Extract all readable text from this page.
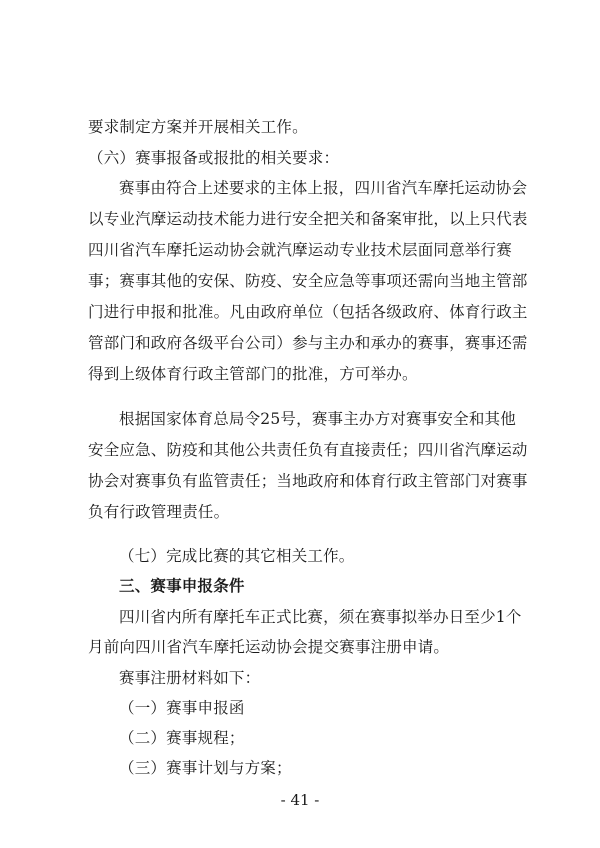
要求制定方案并开展相关工作。
（六）赛事报备或报批的相关要求：
赛事由符合上述要求的主体上报，四川省汽车摩托运动协会
以专业汽摩运动技术能力进行安全把关和备案审批，以上只代表
四川省汽车摩托运动协会就汽摩运动专业技术层面同意举行赛
事；赛事其他的安保、防疫、安全应急等事项还需向当地主管部
门进行申报和批准。凡由政府单位（包括各级政府、体育行政主
管部门和政府各级平台公司）参与主办和承办的赛事，赛事还需
得到上级体育行政主管部门的批准，方可举办。
根据国家体育总局令25号，赛事主办方对赛事安全和其他
安全应急、防疫和其他公共责任负有直接责任；四川省汽摩运动
协会对赛事负有监管责任；当地政府和体育行政主管部门对赛事
负有行政管理责任。
（七）完成比赛的其它相关工作。
三、赛事申报条件
四川省内所有摩托车正式比赛，须在赛事拟举办日至少1个
月前向四川省汽车摩托运动协会提交赛事注册申请。
赛事注册材料如下：
（一）赛事申报函
（二）赛事规程；
（三）赛事计划与方案；
- 41 -
